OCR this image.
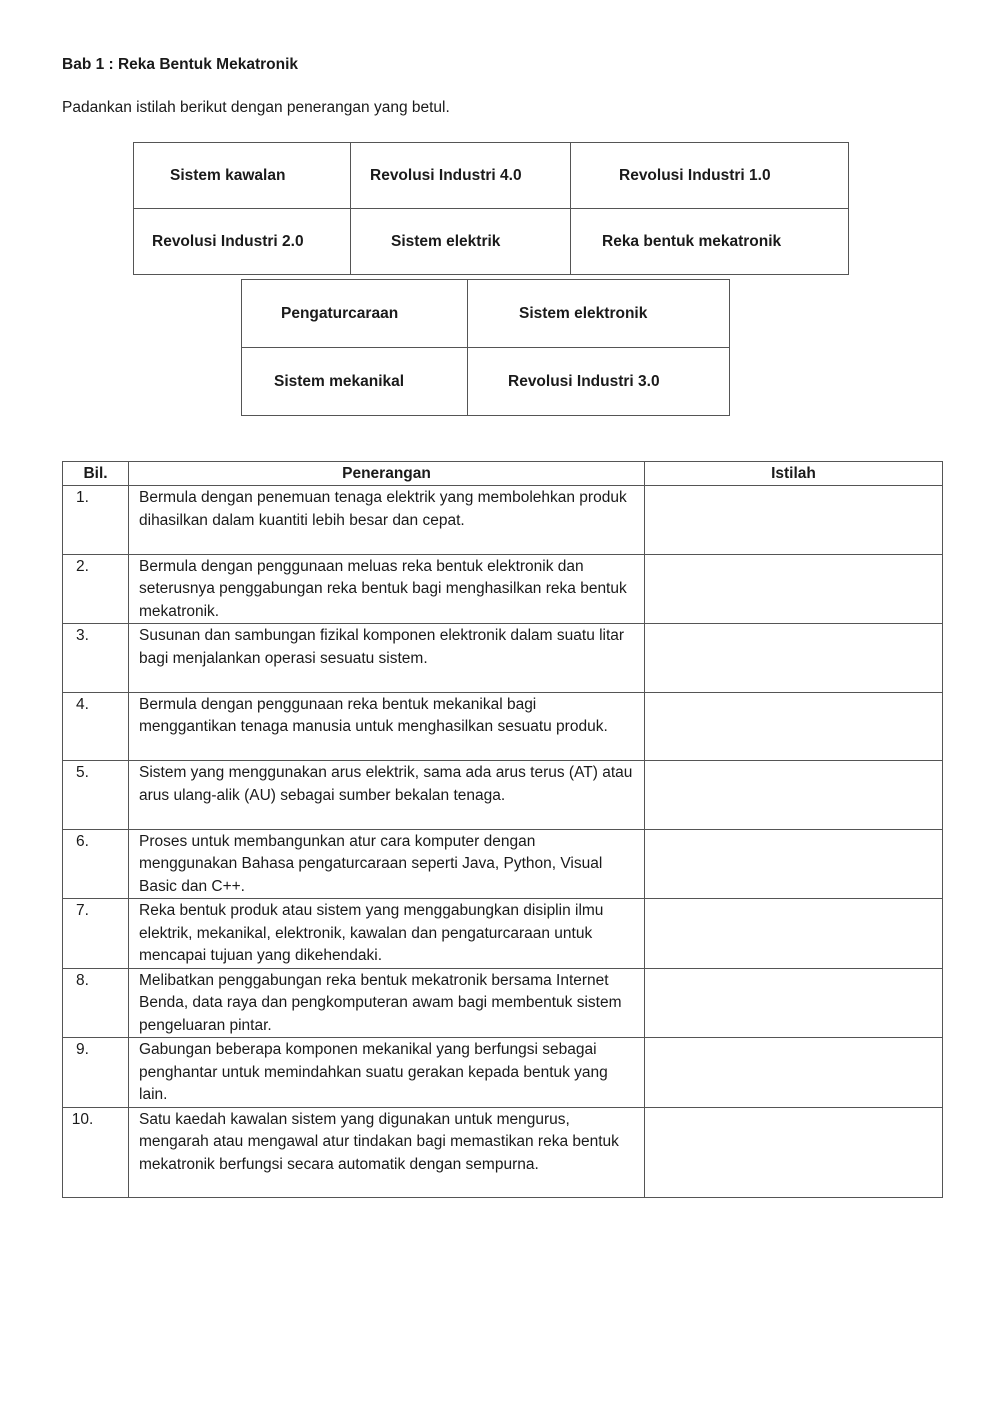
Bab 1 : Reka Bentuk Mekatronik
Padankan istilah berikut dengan penerangan yang betul.
Sistem kawalan	Revolusi Industri 4.0	Revolusi Industri 1.0
Revolusi Industri 2.0	Sistem elektrik	Reka bentuk mekatronik
Pengaturcaraan	Sistem elektronik
Sistem mekanikal	Revolusi Industri 3.0
Bil.	Penerangan	Istilah
1.	Bermula dengan penemuan tenaga elektrik yang membolehkan produk dihasilkan dalam kuantiti lebih besar dan cepat.	
2.	Bermula dengan penggunaan meluas reka bentuk elektronik dan seterusnya penggabungan reka bentuk bagi menghasilkan reka bentuk mekatronik.	
3.	Susunan dan sambungan fizikal komponen elektronik dalam suatu litar bagi menjalankan operasi sesuatu sistem.	
4.	Bermula dengan penggunaan reka bentuk mekanikal bagi menggantikan tenaga manusia untuk menghasilkan sesuatu produk.	
5.	Sistem yang menggunakan arus elektrik, sama ada arus terus (AT) atau arus ulang-alik (AU) sebagai sumber bekalan tenaga.	
6.	Proses untuk membangunkan atur cara komputer dengan menggunakan Bahasa pengaturcaraan seperti Java, Python, Visual Basic dan C++.	
7.	Reka bentuk produk atau sistem yang menggabungkan disiplin ilmu elektrik, mekanikal, elektronik, kawalan dan pengaturcaraan untuk mencapai tujuan yang dikehendaki.	
8.	Melibatkan penggabungan reka bentuk mekatronik bersama Internet Benda, data raya dan pengkomputeran awam bagi membentuk sistem pengeluaran pintar.	
9.	Gabungan beberapa komponen mekanikal yang berfungsi sebagai penghantar untuk memindahkan suatu gerakan kepada bentuk yang lain.	
10.	Satu kaedah kawalan sistem yang digunakan untuk mengurus, mengarah atau mengawal atur tindakan bagi memastikan reka bentuk mekatronik berfungsi secara automatik dengan sempurna.	
